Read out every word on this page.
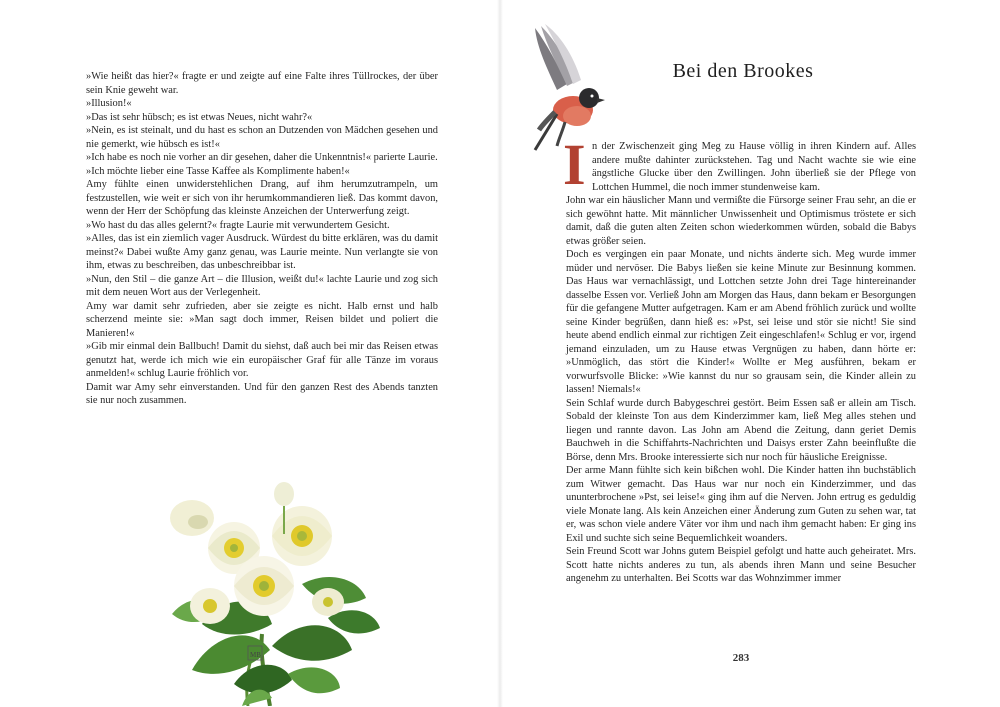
»Wie heißt das hier?« fragte er und zeigte auf eine Falte ihres Tüllrockes, der über sein Knie geweht war.

»Illusion!«

»Das ist sehr hübsch; es ist etwas Neues, nicht wahr?«

»Nein, es ist steinalt, und du hast es schon an Dutzenden von Mädchen gesehen und nie gemerkt, wie hübsch es ist!«

»Ich habe es noch nie vorher an dir gesehen, daher die Unkenntnis!« parierte Laurie.

»Ich möchte lieber eine Tasse Kaffee als Komplimente haben!«

Amy fühlte einen unwiderstehlichen Drang, auf ihm herumzutrampeln, um festzustellen, wie weit er sich von ihr herumkommandieren ließ. Das kommt davon, wenn der Herr der Schöpfung das kleinste Anzeichen der Unterwerfung zeigt.

»Wo hast du das alles gelernt?« fragte Laurie mit verwundertem Gesicht.

»Alles, das ist ein ziemlich vager Ausdruck. Würdest du bitte erklären, was du damit meinst?« Dabei wußte Amy ganz genau, was Laurie meinte. Nun verlangte sie von ihm, etwas zu beschreiben, das unbeschreibbar ist.

»Nun, den Stil – die ganze Art – die Illusion, weißt du!« lachte Laurie und zog sich mit dem neuen Wort aus der Verlegenheit.

Amy war damit sehr zufrieden, aber sie zeigte es nicht. Halb ernst und halb scherzend meinte sie: »Man sagt doch immer, Reisen bildet und poliert die Manieren!«

»Gib mir einmal dein Ballbuch! Damit du siehst, daß auch bei mir das Reisen etwas genutzt hat, werde ich mich wie ein europäischer Graf für alle Tänze im voraus anmelden!« schlug Laurie fröhlich vor.

Damit war Amy sehr einverstanden. Und für den ganzen Rest des Abends tanzten sie nur noch zusammen.

MB
Bei den Brookes
I n der Zwischenzeit ging Meg zu Hause völlig in ihren Kindern auf. Alles andere mußte dahinter zurückstehen. Tag und Nacht wachte sie wie eine ängstliche Glucke über den Zwillingen. John überließ sie der Pflege von Lottchen Hummel, die noch immer stundenweise kam.

John war ein häuslicher Mann und vermißte die Fürsorge seiner Frau sehr, an die er sich gewöhnt hatte. Mit männlicher Unwissenheit und Optimismus tröstete er sich damit, daß die guten alten Zeiten schon wiederkommen würden, sobald die Babys etwas größer seien.

Doch es vergingen ein paar Monate, und nichts änderte sich. Meg wurde immer müder und nervöser. Die Babys ließen sie keine Minute zur Besinnung kommen. Das Haus war vernachlässigt, und Lottchen setzte John drei Tage hintereinander dasselbe Essen vor. Verließ John am Morgen das Haus, dann bekam er Besorgungen für die gefangene Mutter aufgetragen. Kam er am Abend fröhlich zurück und wollte seine Kinder begrüßen, dann hieß es: »Pst, sei leise und stör sie nicht! Sie sind heute abend endlich einmal zur richtigen Zeit eingeschlafen!« Schlug er vor, irgend jemand einzuladen, um zu Hause etwas Vergnügen zu haben, dann hörte er: »Unmöglich, das stört die Kinder!« Wollte er Meg ausführen, bekam er vorwurfsvolle Blicke: »Wie kannst du nur so grausam sein, die Kinder allein zu lassen! Niemals!«

Sein Schlaf wurde durch Babygeschrei gestört. Beim Essen saß er allein am Tisch. Sobald der kleinste Ton aus dem Kinderzimmer kam, ließ Meg alles stehen und liegen und rannte davon. Las John am Abend die Zeitung, dann geriet Demis Bauchweh in die Schiffahrts-Nachrichten und Daisys erster Zahn beeinflußte die Börse, denn Mrs. Brooke interessierte sich nur noch für häusliche Ereignisse.

Der arme Mann fühlte sich kein bißchen wohl. Die Kinder hatten ihn buchstäblich zum Witwer gemacht. Das Haus war nur noch ein Kinderzimmer, und das ununterbrochene »Pst, sei leise!« ging ihm auf die Nerven. John ertrug es geduldig viele Monate lang. Als kein Anzeichen einer Änderung zum Guten zu sehen war, tat er, was schon viele andere Väter vor ihm und nach ihm gemacht haben: Er ging ins Exil und suchte sich seine Bequemlichkeit woanders.

Sein Freund Scott war Johns gutem Beispiel gefolgt und hatte auch geheiratet. Mrs. Scott hatte nichts anderes zu tun, als abends ihren Mann und seine Besucher angenehm zu unterhalten. Bei Scotts war das Wohnzimmer immer

283
